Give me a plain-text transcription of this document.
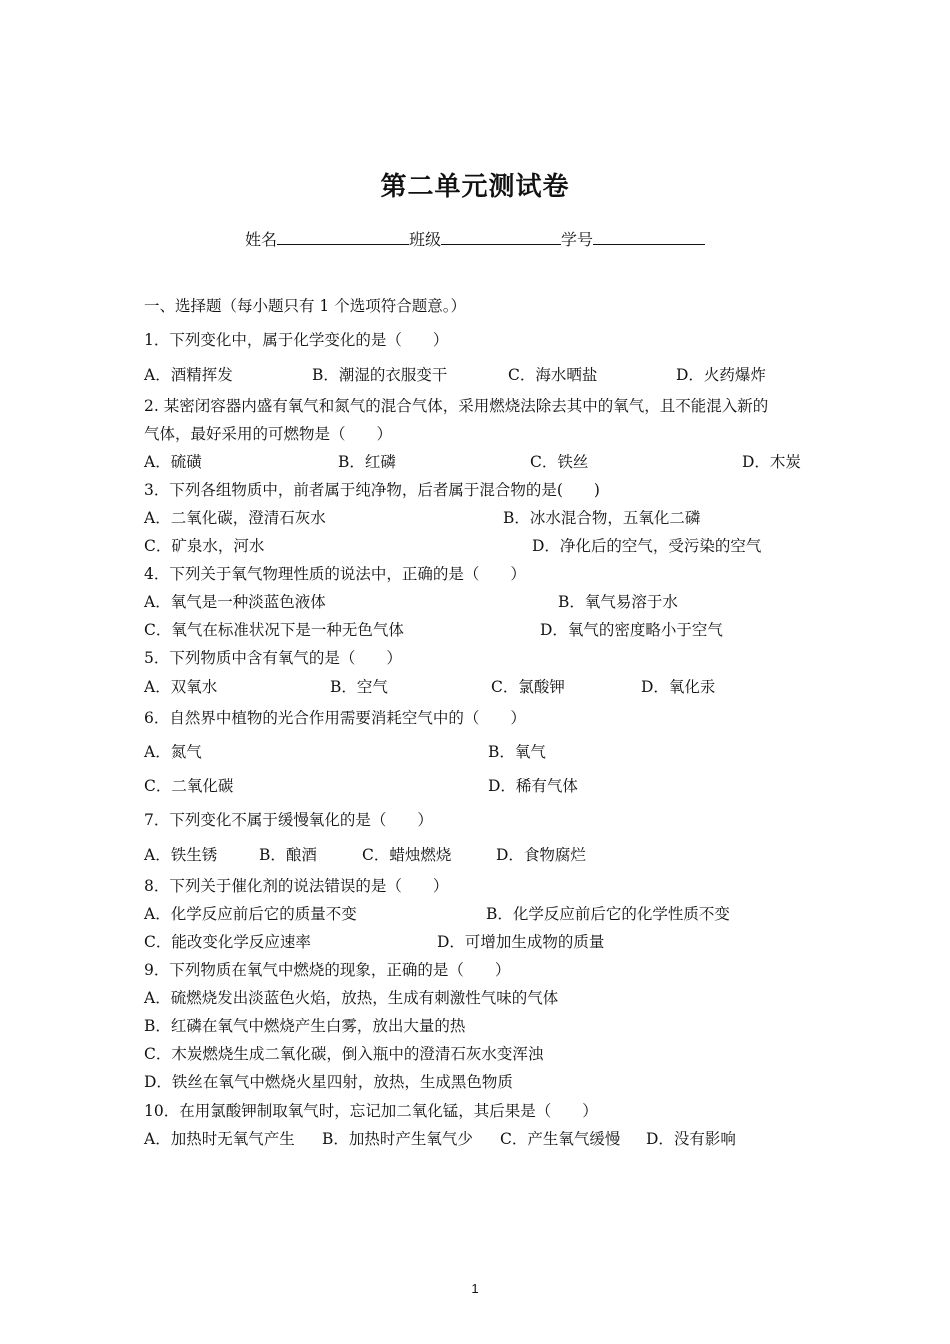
第二单元测试卷
姓名	班级	学号
一、选择题（每小题只有 1 个选项符合题意。）
1．下列变化中，属于化学变化的是（　　）
A．酒精挥发	B．潮湿的衣服变干	C．海水晒盐	D．火药爆炸
2. 某密闭容器内盛有氧气和氮气的混合气体，采用燃烧法除去其中的氧气，且不能混入新的
气体，最好采用的可燃物是（　　）
A．硫磺	B．红磷	C．铁丝	D．木炭
3．下列各组物质中，前者属于纯净物，后者属于混合物的是(　　)
A．二氧化碳，澄清石灰水	B．冰水混合物，五氧化二磷
C．矿泉水，河水	D．净化后的空气，受污染的空气
4．下列关于氧气物理性质的说法中，正确的是（　　）
A．氧气是一种淡蓝色液体	B．氧气易溶于水
C．氧气在标准状况下是一种无色气体	D．氧气的密度略小于空气
5．下列物质中含有氧气的是（　　）
A．双氧水	B．空气	C．氯酸钾	D．氧化汞
6．自然界中植物的光合作用需要消耗空气中的（　　）
A．氮气	B．氧气
C．二氧化碳	D．稀有气体
7．下列变化不属于缓慢氧化的是（　　）
A．铁生锈	B．酿酒	C．蜡烛燃烧	D．食物腐烂
8．下列关于催化剂的说法错误的是（　　）
A．化学反应前后它的质量不变	B．化学反应前后它的化学性质不变
C．能改变化学反应速率	D．可增加生成物的质量
9．下列物质在氧气中燃烧的现象，正确的是（　　）
A．硫燃烧发出淡蓝色火焰，放热，生成有刺激性气味的气体
B．红磷在氧气中燃烧产生白雾，放出大量的热
C．木炭燃烧生成二氧化碳，倒入瓶中的澄清石灰水变浑浊
D．铁丝在氧气中燃烧火星四射，放热，生成黑色物质
10．在用氯酸钾制取氧气时，忘记加二氧化锰，其后果是（　　）
A．加热时无氧气产生 B．加热时产生氧气少 C．产生氧气缓慢 D．没有影响
1
